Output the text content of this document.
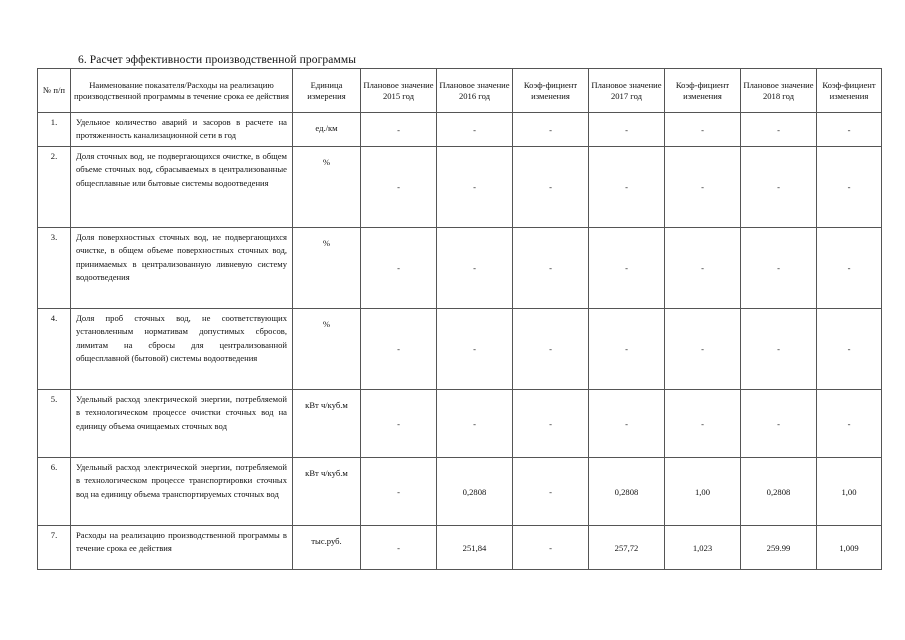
6. Расчет эффективности производственной программы
№ п/п	Наименование показателя/Расходы на реализацию производственной программы в течение срока ее действия	Единица измерения	Плановое значение 2015 год	Плановое значение 2016 год	Коэф-фициент изменения	Плановое значение 2017 год	Коэф-фициент изменения	Плановое значение 2018 год	Коэф-фициент изменения
1.	Удельное количество аварий и засоров в расчете на протяженность канализационной сети в год	ед./км	-	-	-	-	-	-	-
2.	Доля сточных вод, не подвергающихся очистке, в общем объеме сточных вод, сбрасываемых в централизованные общесплавные или бытовые системы водоотведения	%	-	-	-	-	-	-	-
3.	Доля поверхностных сточных вод, не подвергающихся очистке, в общем объеме поверхностных сточных вод, принимаемых в централизованную ливневую систему водоотведения	%	-	-	-	-	-	-	-
4.	Доля проб сточных вод, не соответствующих установленным нормативам допустимых сбросов, лимитам на сбросы для централизованной общесплавной (бытовой) системы водоотведения	%	-	-	-	-	-	-	-
5.	Удельный расход электрической энергии, потребляемой в технологическом процессе очистки сточных вод на единицу объема очищаемых сточных вод	кВт ч/куб.м	-	-	-	-	-	-	-
6.	Удельный расход электрической энергии, потребляемой в технологическом процессе транспортировки сточных вод на единицу объема транспортируемых сточных вод	кВт ч/куб.м	-	0,2808	-	0,2808	1,00	0,2808	1,00
7.	Расходы на реализацию производственной программы в течение срока ее действия	тыс.руб.	-	251,84	-	257,72	1,023	259.99	1,009
